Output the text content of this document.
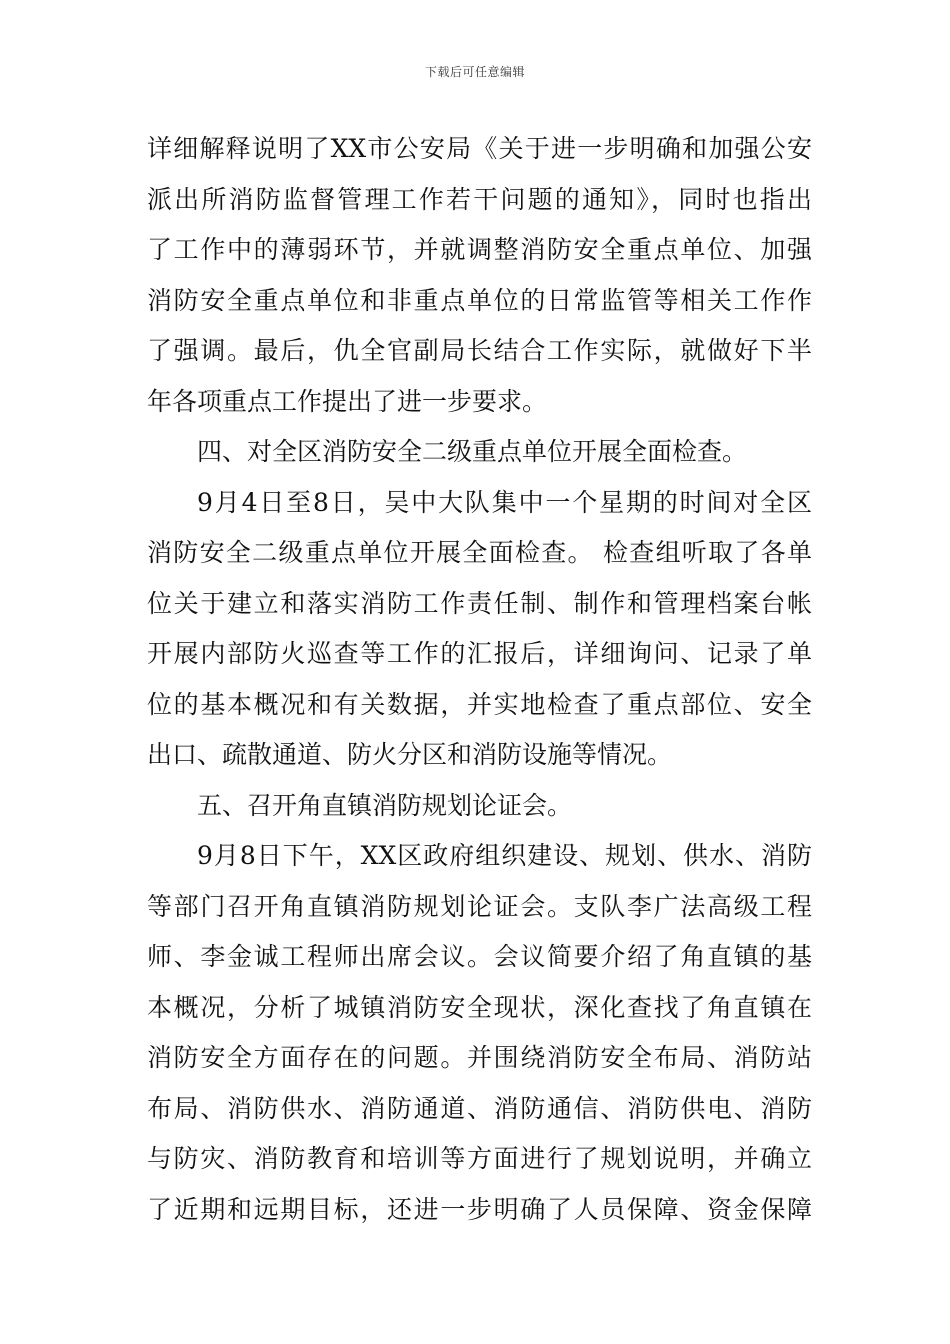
下载后可任意编辑
详细解释说明了XX市公安局《关于进一步明确和加强公安
派出所消防监督管理工作若干问题的通知》，同时也指出
了工作中的薄弱环节，并就调整消防安全重点单位、加强
消防安全重点单位和非重点单位的日常监管等相关工作作
了强调。最后，仇全官副局长结合工作实际，就做好下半
年各项重点工作提出了进一步要求。
四、对全区消防安全二级重点单位开展全面检查。
9月4日至8日，吴中大队集中一个星期的时间对全区
消防安全二级重点单位开展全面检查。 检查组听取了各单
位关于建立和落实消防工作责任制、制作和管理档案台帐
开展内部防火巡查等工作的汇报后，详细询问、记录了单
位的基本概况和有关数据，并实地检查了重点部位、安全
出口、疏散通道、防火分区和消防设施等情况。
五、召开角直镇消防规划论证会。
9月8日下午，XX区政府组织建设、规划、供水、消防
等部门召开角直镇消防规划论证会。支队李广法高级工程
师、李金诚工程师出席会议。会议简要介绍了角直镇的基
本概况，分析了城镇消防安全现状，深化查找了角直镇在
消防安全方面存在的问题。并围绕消防安全布局、消防站
布局、消防供水、消防通道、消防通信、消防供电、消防
与防灾、消防教育和培训等方面进行了规划说明，并确立
了近期和远期目标，还进一步明确了人员保障、资金保障
